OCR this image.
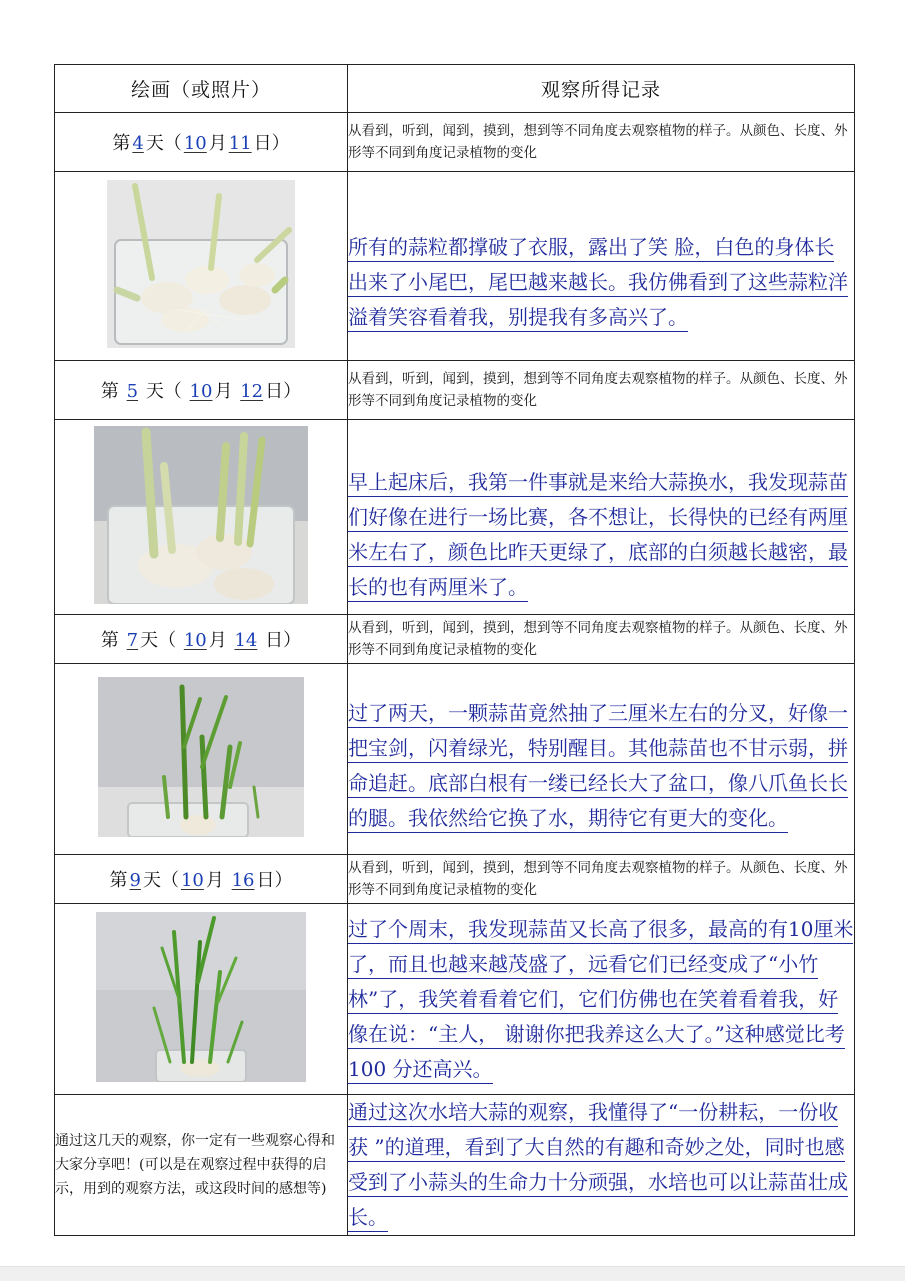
绘画（或照片）	观察所得记录
第 4 天（ 10 月 11 日）	从看到，听到，闻到，摸到，想到等不同角度去观察植物的样子。从颜色、长度、外形等不同到角度记录植物的变化

	所有的蒜粒都撑破了衣服，露出了笑 脸，白色的身体长出来了小尾巴，尾巴越来越长。我仿佛看到了这些蒜粒洋溢着笑容看着我，别提我有多高兴了。
第 5 天（ 10 月 12 日）	从看到，听到，闻到，摸到，想到等不同角度去观察植物的样子。从颜色、长度、外形等不同到角度记录植物的变化

	早上起床后，我第一件事就是来给大蒜换水，我发现蒜苗们好像在进行一场比赛，各不想让，长得快的已经有两厘米左右了，颜色比昨天更绿了，底部的白须越长越密，最长的也有两厘米了。
第 7 天（ 10 月 14 日）	从看到，听到，闻到，摸到，想到等不同角度去观察植物的样子。从颜色、长度、外形等不同到角度记录植物的变化

	过了两天，一颗蒜苗竟然抽了三厘米左右的分叉，好像一把宝剑，闪着绿光，特别醒目。其他蒜苗也不甘示弱，拼命追赶。底部白根有一缕已经长大了盆口，像八爪鱼长长的腿。我依然给它换了水，期待它有更大的变化。
第 9 天（ 10 月 16 日）	从看到，听到，闻到，摸到，想到等不同角度去观察植物的样子。从颜色、长度、外形等不同到角度记录植物的变化

	过了个周末，我发现蒜苗又长高了很多，最高的有10厘米了，而且也越来越茂盛了，远看它们已经变成了“小竹林”了，我笑着看着它们，它们仿佛也在笑着看着我，好像在说：“主人， 谢谢你把我养这么大了。”这种感觉比考100 分还高兴。
通过这几天的观察，你一定有一些观察心得和大家分享吧！(可以是在观察过程中获得的启示，用到的观察方法，或这段时间的感想等)	通过这次水培大蒜的观察，我懂得了“一份耕耘，一份收获 ”的道理，看到了大自然的有趣和奇妙之处，同时也感受到了小蒜头的生命力十分顽强，水培也可以让蒜苗壮成长。
